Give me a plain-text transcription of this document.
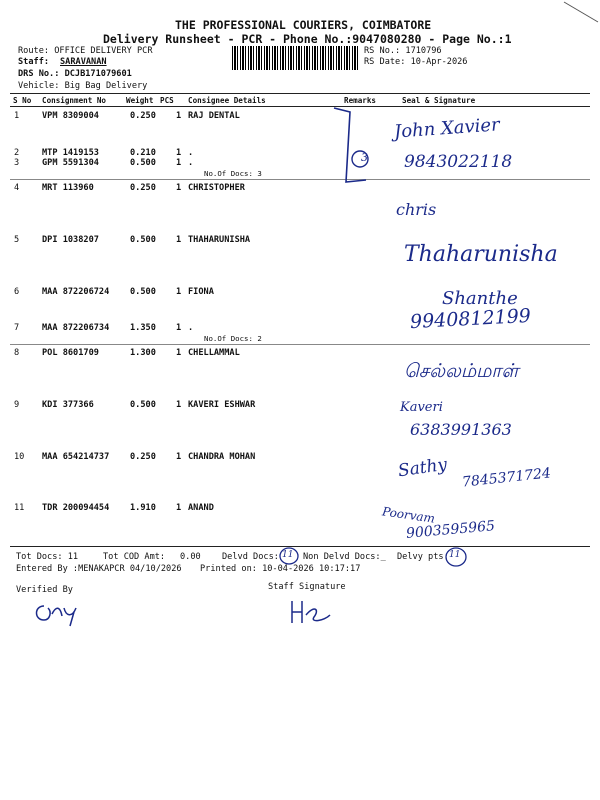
THE PROFESSIONAL COURIERS, COIMBATORE
Delivery Runsheet - PCR - Phone No.:9047080280 - Page No.:1
Route: OFFICE DELIVERY PCR
Staff: SARAVANAN
DRS No.: DCJB171079601
Vehicle: Big Bag Delivery
RS No.: 1710796
RS Date: 10-Apr-2026
S No Consignment No	Weight PCS Consignee Details	Remarks	Seal & Signature
1	VPM 8309004	0.250 1 RAJ DENTAL
2	MTP 1419153	0.210 1 .
3	GPM 5591304	0.500 1 .
No.Of Docs: 3
4	MRT 113960	0.250 1 CHRISTOPHER
5	DPI 1038207	0.500 1 THAHARUNISHA
6	MAA 872206724 0.500 1 FIONA
7	MAA 872206734 1.350 1 .
No.Of Docs: 2
8	POL 8601709	1.300 1 CHELLAMMAL
9	KDI 377366	0.500 1 KAVERI ESHWAR
10 MAA 654214737 0.250 1 CHANDRA MOHAN
11 TDR 200094454 1.910 1 ANAND
Tot Docs: 11	Tot COD Amt: 0.00 Delvd Docs:	Non Delvd Docs:_ Delvy pts:
Entered By :MENAKAPCR 04/10/2026 Printed on: 10-04-2026 10:17:17
Verified By	Staff Signature
3
John Xavier
9843022118
chris
Thaharunisha
Shanthe
9940812199
செல்லம்மாள்
Kaveri
6383991363
Sathy 7845371724
Poorvam
9003595965
11	11
